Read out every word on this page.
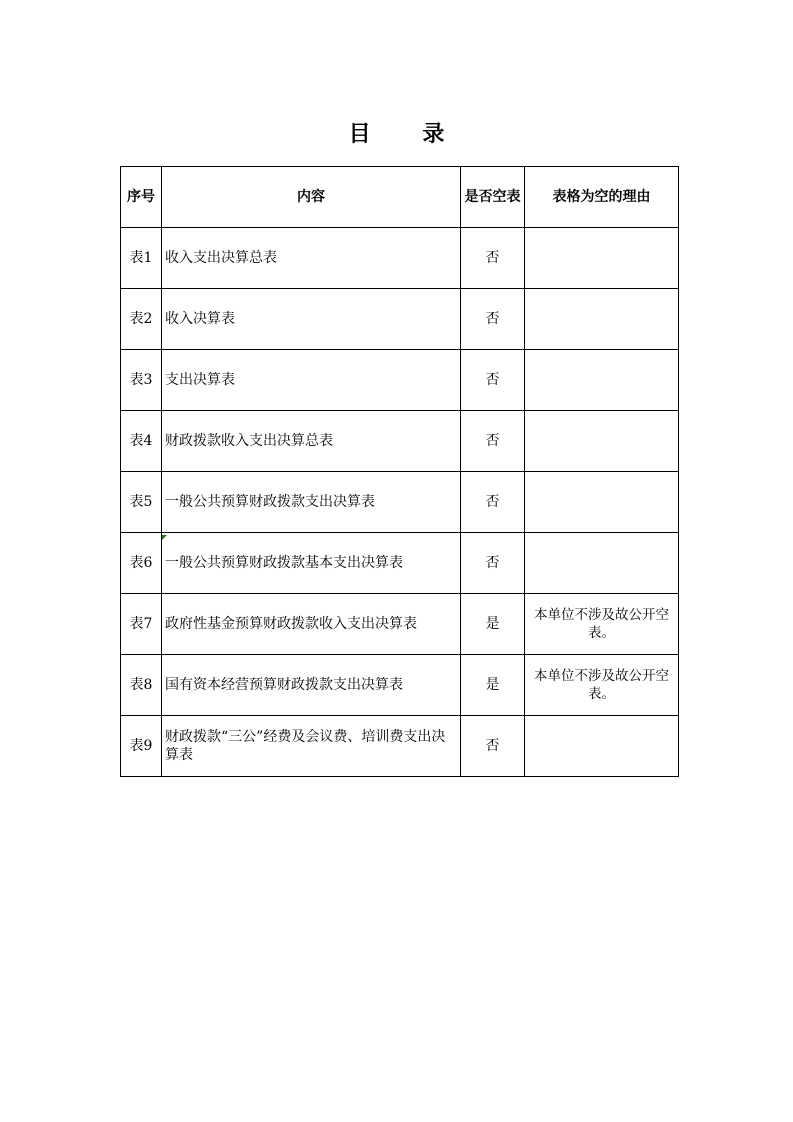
目 录
序号	内容	是否空表	表格为空的理由
表1	收入支出决算总表	否	
表2	收入决算表	否	
表3	支出决算表	否	
表4	财政拨款收入支出决算总表	否	
表5	一般公共预算财政拨款支出决算表	否	
表6	一般公共预算财政拨款基本支出决算表	否	
表7	政府性基金预算财政拨款收入支出决算表	是	本单位不涉及故公开空表。
表8	国有资本经营预算财政拨款支出决算表	是	本单位不涉及故公开空表。
表9	财政拨款“三公”经费及会议费、培训费支出决算表	否	
